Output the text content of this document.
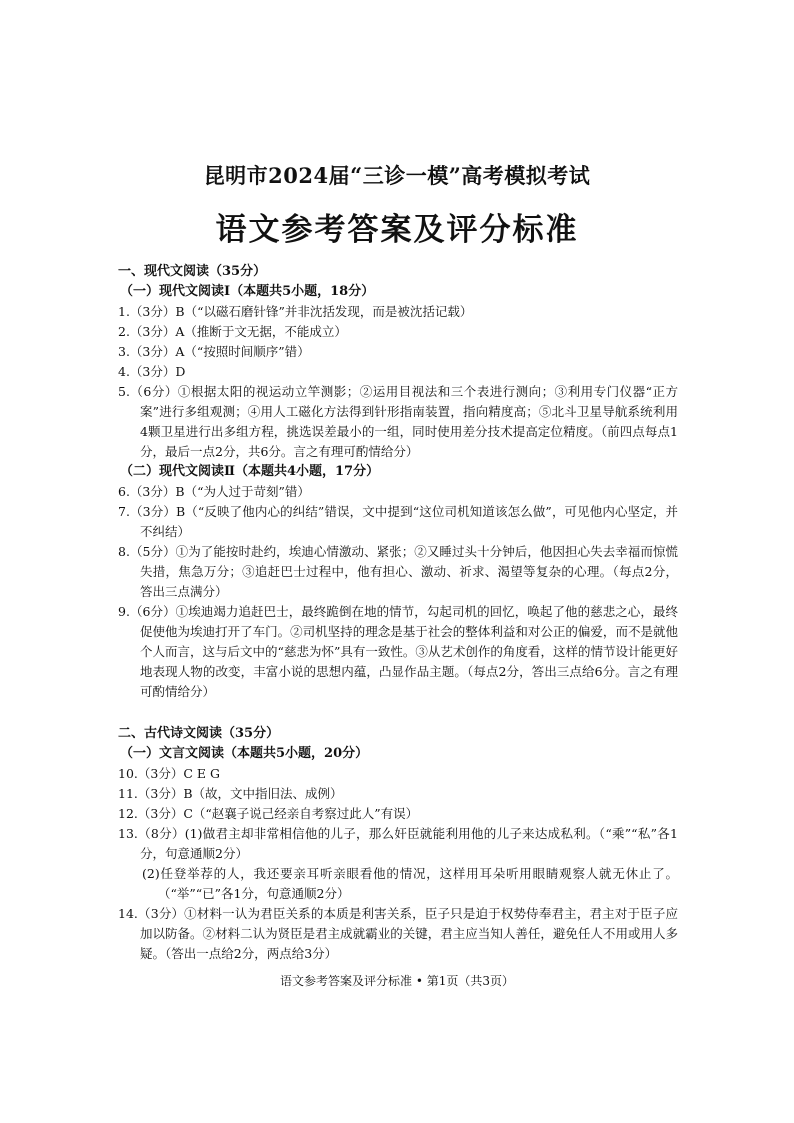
昆明市2024届“三诊一模”高考模拟考试
语文参考答案及评分标准
一、现代文阅读（35分）
（一）现代文阅读Ⅰ（本题共5小题，18分）
1.（3分）B（“以磁石磨针锋”并非沈括发现，而是被沈括记载）
2.（3分）A（推断于文无据，不能成立）
3.（3分）A（“按照时间顺序”错）
4.（3分）D
5.（6分）①根据太阳的视运动立竿测影；②运用目视法和三个表进行测向；③利用专门仪器“正方案”进行多组观测；④用人工磁化方法得到针形指南装置，指向精度高；⑤北斗卫星导航系统利用4颗卫星进行出多组方程，挑选误差最小的一组，同时使用差分技术提高定位精度。（前四点每点1分，最后一点2分，共6分。言之有理可酌情给分）
（二）现代文阅读Ⅱ（本题共4小题，17分）
6.（3分）B（“为人过于苛刻”错）
7.（3分）B（“反映了他内心的纠结”错误，文中提到“这位司机知道该怎么做”，可见他内心坚定，并不纠结）
8.（5分）①为了能按时赴约，埃迪心情激动、紧张；②又睡过头十分钟后，他因担心失去幸福而惊慌失措，焦急万分；③追赶巴士过程中，他有担心、激动、祈求、渴望等复杂的心理。（每点2分，答出三点满分）
9.（6分）①埃迪竭力追赶巴士，最终跪倒在地的情节，勾起司机的回忆，唤起了他的慈悲之心，最终促使他为埃迪打开了车门。②司机坚持的理念是基于社会的整体利益和对公正的偏爱，而不是就他个人而言，这与后文中的“慈悲为怀”具有一致性。③从艺术创作的角度看，这样的情节设计能更好地表现人物的改变，丰富小说的思想内蕴，凸显作品主题。（每点2分，答出三点给6分。言之有理可酌情给分）
二、古代诗文阅读（35分）
（一）文言文阅读（本题共5小题，20分）
10.（3分）C E G
11.（3分）B（故，文中指旧法、成例）
12.（3分）C（“赵襄子说己经亲自考察过此人”有误）
13.（8分）(1)做君主却非常相信他的儿子，那么奸臣就能利用他的儿子来达成私利。（“乘”“私”各1分，句意通顺2分）
(2)任登举荐的人，我还要亲耳听亲眼看他的情况，这样用耳朵听用眼睛观察人就无休止了。（“举”“已”各1分，句意通顺2分）
14.（3分）①材料一认为君臣关系的本质是利害关系，臣子只是迫于权势侍奉君主，君主对于臣子应加以防备。②材料二认为贤臣是君主成就霸业的关键，君主应当知人善任，避免任人不用或用人多疑。（答出一点给2分，两点给3分）
语文参考答案及评分标准 • 第1页（共3页）
